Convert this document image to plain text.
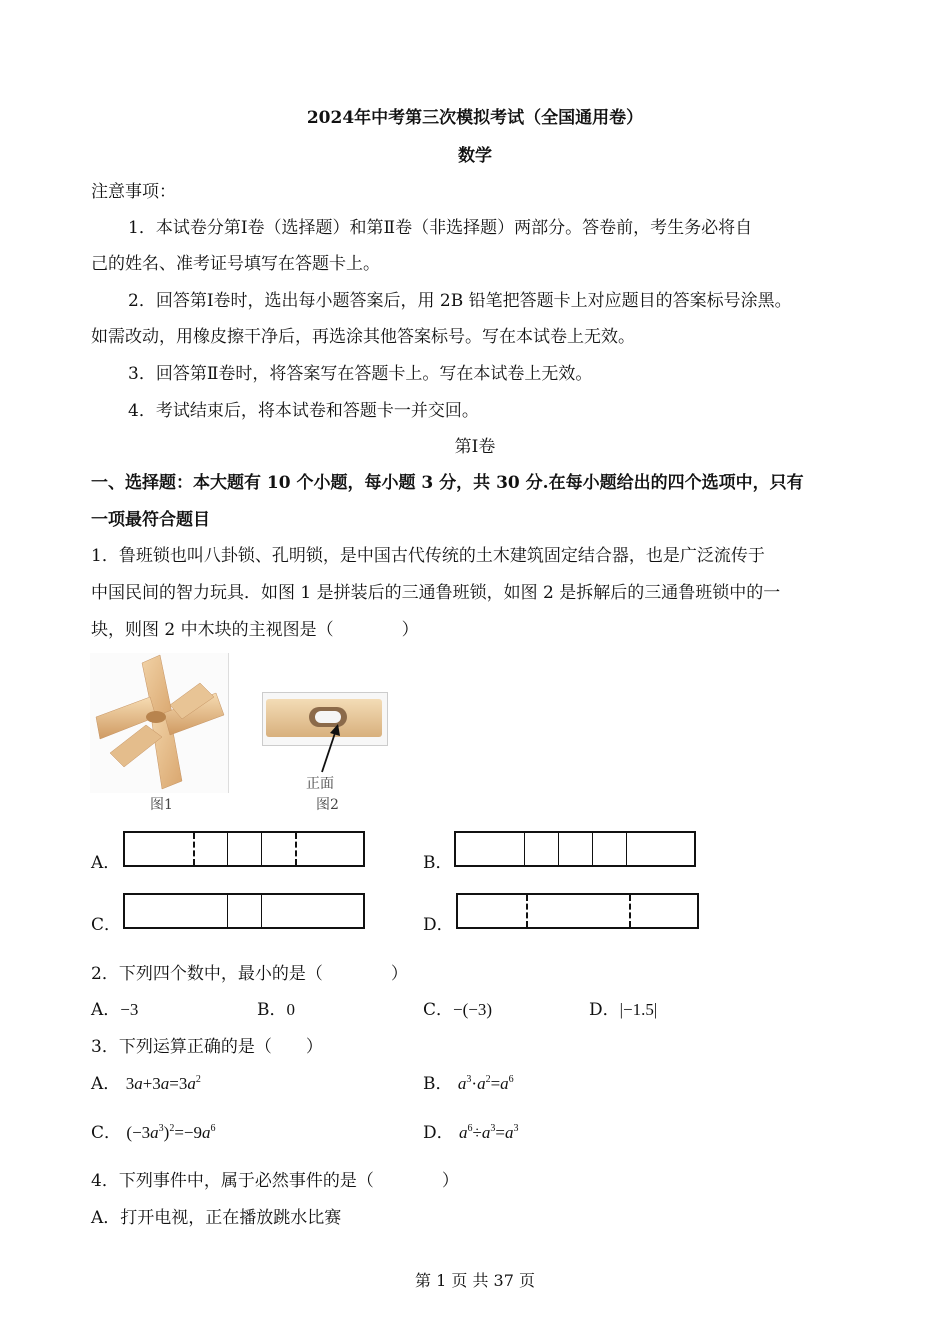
2024年中考第三次模拟考试（全国通用卷）
数学
注意事项：
1．本试卷分第Ⅰ卷（选择题）和第Ⅱ卷（非选择题）两部分。答卷前，考生务必将自
己的姓名、准考证号填写在答题卡上。
2．回答第Ⅰ卷时，选出每小题答案后，用 2B 铅笔把答题卡上对应题目的答案标号涂黑。
如需改动，用橡皮擦干净后，再选涂其他答案标号。写在本试卷上无效。
3．回答第Ⅱ卷时，将答案写在答题卡上。写在本试卷上无效。
4．考试结束后，将本试卷和答题卡一并交回。
第Ⅰ卷
一、选择题：本大题有 10 个小题，每小题 3 分，共 30 分.在每小题给出的四个选项中，只有
一项最符合题目
1．鲁班锁也叫八卦锁、孔明锁，是中国古代传统的土木建筑固定结合器，也是广泛流传于
中国民间的智力玩具．如图 1 是拼装后的三通鲁班锁，如图 2 是拆解后的三通鲁班锁中的一
块，则图 2 中木块的主视图是（　　　　）
图1
正面
图2
A．	B．
C．	D．
2．下列四个数中，最小的是（　　　　）
A．−3	B．0	C．−(−3)	D．|−1.5|
3．下列运算正确的是（　　）
A． $3a+3a=3a^2$	B． $a^3\cdot a^2=a^6$
C． $(-3a^3)^2=-9a^6$	D． $a^6\div a^3=a^3$
4．下列事件中，属于必然事件的是（　　　　）
A．打开电视，正在播放跳水比赛
第 1 页 共 37 页
